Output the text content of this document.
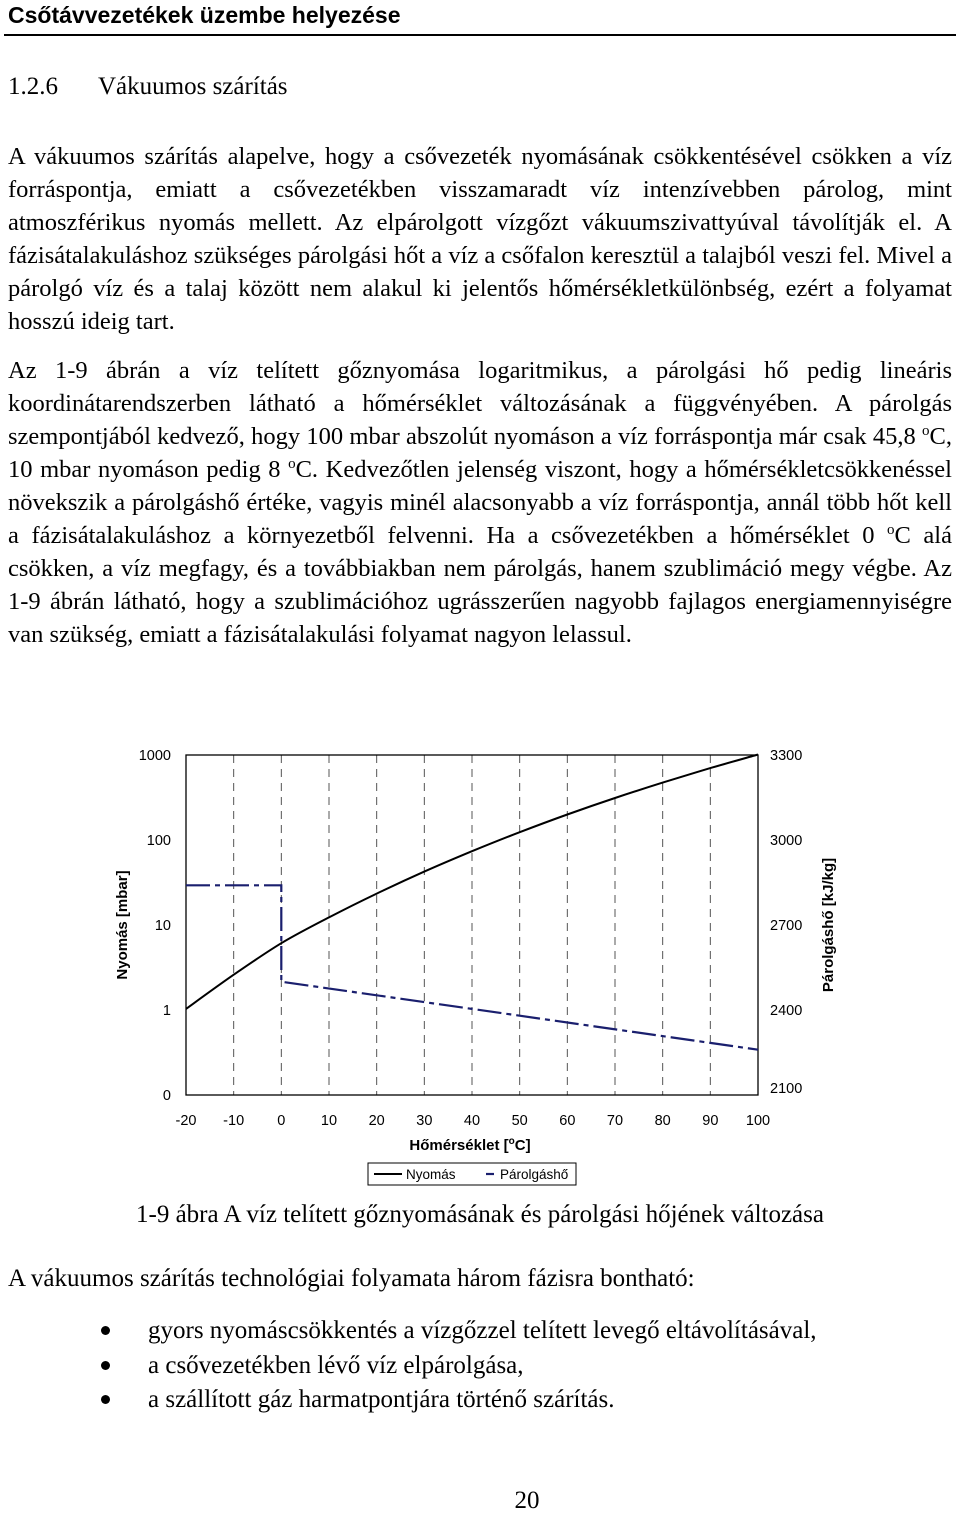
Csőtávvezetékek üzembe helyezése
1.2.6 Vákuumos szárítás
A vákuumos szárítás alapelve, hogy a csővezeték nyomásának csökkentésével csökken a víz forráspontja, emiatt a csővezetékben visszamaradt víz intenzívebben párolog, mint atmoszférikus nyomás mellett. Az elpárolgott vízgőzt vákuumszivattyúval távolítják el. A fázisátalakuláshoz szükséges párolgási hőt a víz a csőfalon keresztül a talajból veszi fel. Mivel a párolgó víz és a talaj között nem alakul ki jelentős hőmérsékletkülönbség, ezért a folyamat hosszú ideig tart.
Az 1-9 ábrán a víz telített gőznyomása logaritmikus, a párolgási hő pedig lineáris koordinátarendszerben látható a hőmérséklet változásának a függvényében. A párolgás szempontjából kedvező, hogy 100 mbar abszolút nyomáson a víz forráspontja már csak 45,8 $^o$C, 10 mbar nyomáson pedig 8 $^o$C. Kedvezőtlen jelenség viszont, hogy a hőmérsékletcsökkenéssel növekszik a párolgáshő értéke, vagyis minél alacsonyabb a víz forráspontja, annál több hőt kell a fázisátalakuláshoz a környezetből felvenni. Ha a csővezetékben a hőmérséklet 0 $^o$C alá csökken, a víz megfagy, és a továbbiakban nem párolgás, hanem szublimáció megy végbe. Az 1-9 ábrán látható, hogy a szublimációhoz ugrásszerűen nagyobb fajlagos energiamennyiségre van szükség, emiatt a fázisátalakulási folyamat nagyon lelassul.
-20 -10 0 10 20 30 40 50 60 70 80 90 100
0
1
10
100
1000
2100
2400
2700
3000
3300
Nyomás [mbar]	Párolgáshő [kJ/kg]
Hőmérséklet [$^o$C]
Nyomás	Párolgáshő
1-9 ábra A víz telített gőznyomásának és párolgási hőjének változása
A vákuumos szárítás technológiai folyamata három fázisra bontható:
gyors nyomáscsökkentés a vízgőzzel telített levegő eltávolításával,
a csővezetékben lévő víz elpárolgása,
a szállított gáz harmatpontjára történő szárítás.
20
